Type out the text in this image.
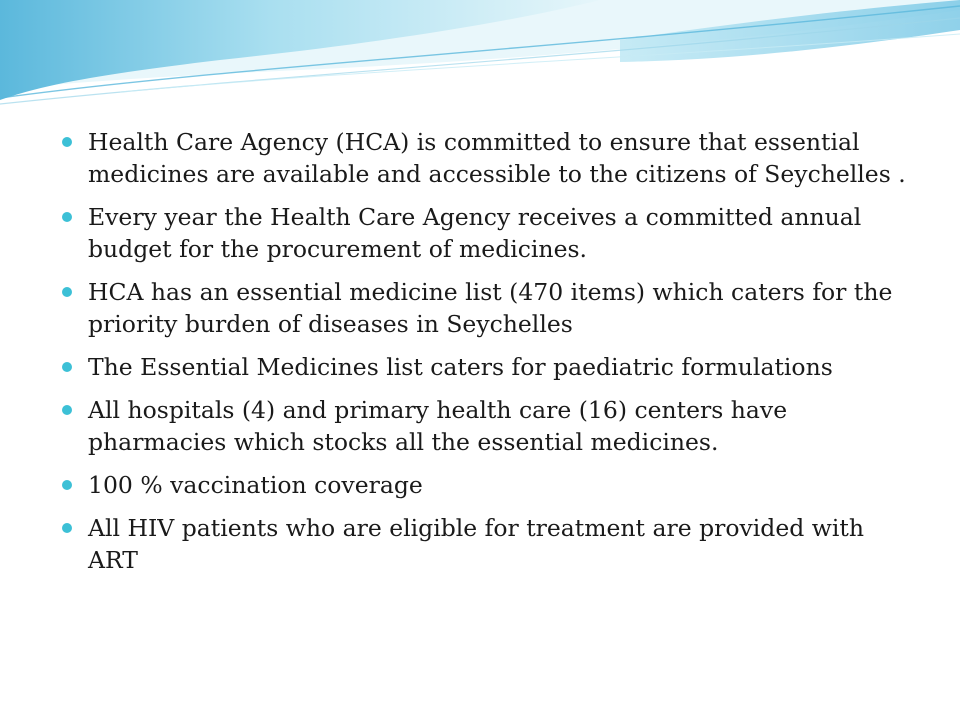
Health Care Agency (HCA) is committed to ensure that essential medicines are available and accessible to the citizens of Seychelles .
Every year the Health Care Agency receives a committed annual budget for the procurement of medicines.
HCA has an essential medicine list (470 items) which caters for the priority burden of diseases in Seychelles
The Essential Medicines list caters for paediatric formulations
All hospitals (4) and primary health care (16) centers have pharmacies which stocks all the essential medicines.
100 % vaccination coverage
All HIV patients who are eligible for treatment are provided with ART
